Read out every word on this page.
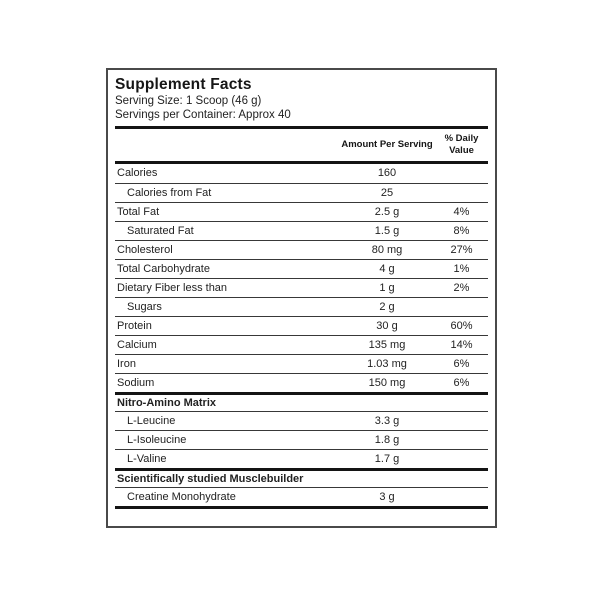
Supplement Facts
Serving Size: 1 Scoop (46 g)
Servings per Container: Approx 40
Amount Per Serving
% Daily Value
Calories	160
Calories from Fat	25
Total Fat	2.5 g	4%
Saturated Fat	1.5 g	8%
Cholesterol	80 mg	27%
Total Carbohydrate	4 g	1%
Dietary Fiber less than	1 g	2%
Sugars	2 g
Protein	30 g	60%
Calcium	135 mg	14%
Iron	1.03 mg	6%
Sodium	150 mg	6%
Nitro-Amino Matrix
L-Leucine	3.3 g
L-Isoleucine	1.8 g
L-Valine	1.7 g
Scientifically studied Musclebuilder
Creatine Monohydrate	3 g
